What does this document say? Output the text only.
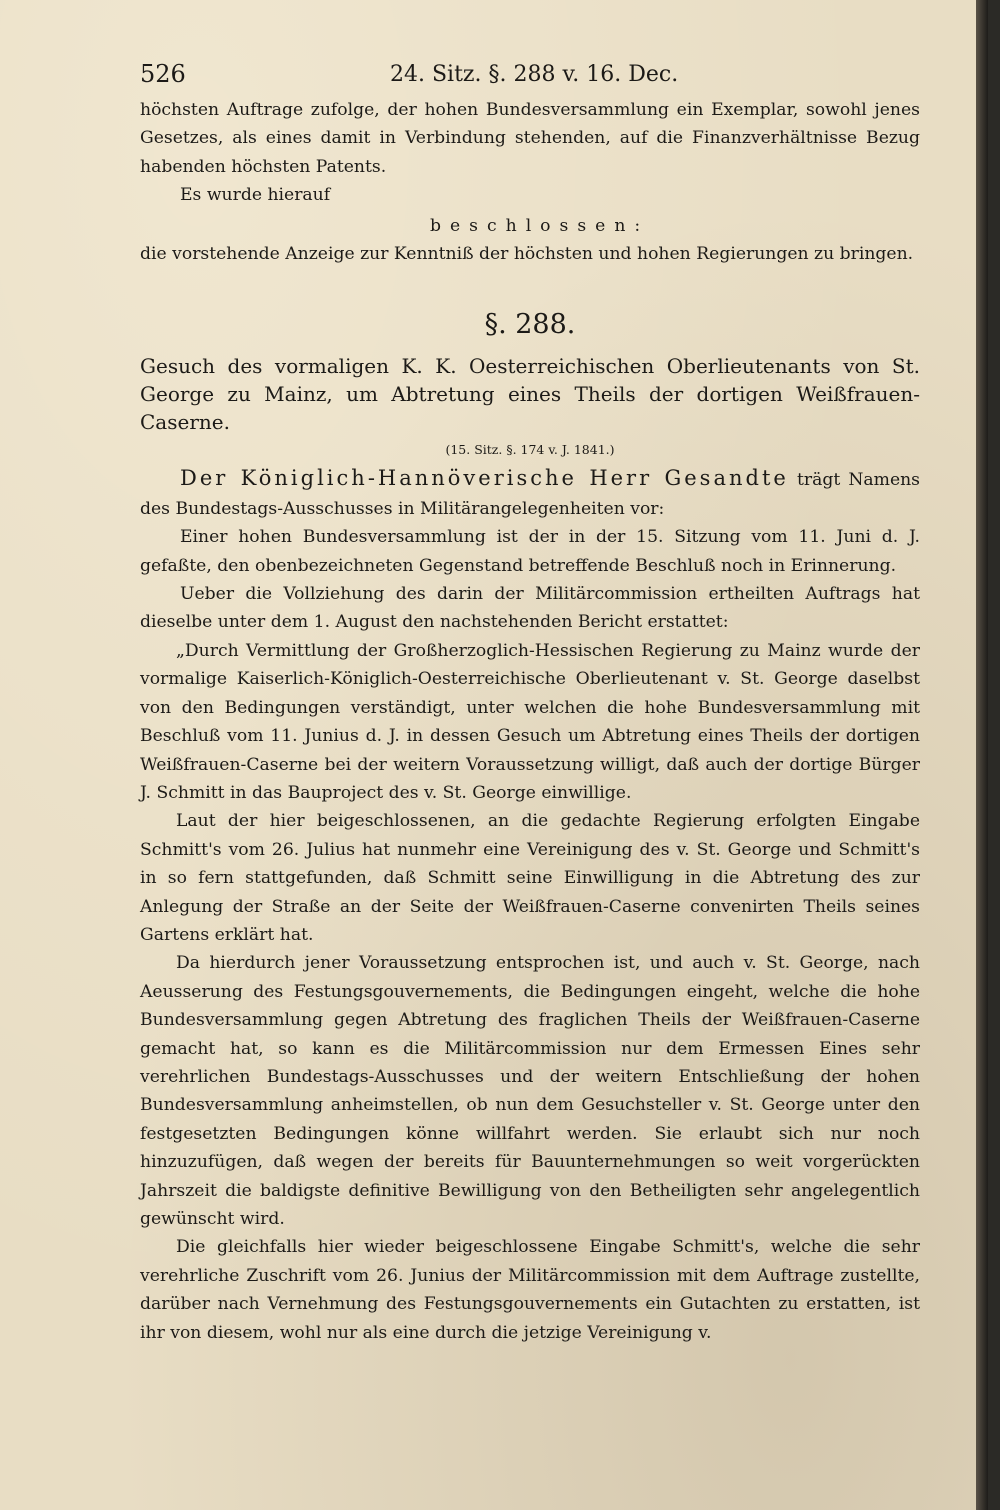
526	24. Sitz. §. 288 v. 16. Dec.

höchsten Auftrage zufolge, der hohen Bundesversammlung ein Exemplar, sowohl jenes Gesetzes, als eines damit in Verbindung stehenden, auf die Finanzverhältnisse Bezug habenden höchsten Patents.

Es wurde hierauf

beschlossen:

die vorstehende Anzeige zur Kenntniß der höchsten und hohen Regierungen zu bringen.

§. 288.

Gesuch des vormaligen K. K. Oesterreichischen Oberlieutenants von St. George zu Mainz, um Abtretung eines Theils der dortigen Weißfrauen-Caserne.

(15. Sitz. §. 174 v. J. 1841.)

Der Königlich-Hannöverische Herr Gesandte trägt Namens des Bundestags-Ausschusses in Militärangelegenheiten vor:

Einer hohen Bundesversammlung ist der in der 15. Sitzung vom 11. Juni d. J. gefaßte, den obenbezeichneten Gegenstand betreffende Beschluß noch in Erinnerung.

Ueber die Vollziehung des darin der Militärcommission ertheilten Auftrags hat dieselbe unter dem 1. August den nachstehenden Bericht erstattet:

„Durch Vermittlung der Großherzoglich-Hessischen Regierung zu Mainz wurde der vormalige Kaiserlich-Königlich-Oesterreichische Oberlieutenant v. St. George daselbst von den Bedingungen verständigt, unter welchen die hohe Bundesversammlung mit Beschluß vom 11. Junius d. J. in dessen Gesuch um Abtretung eines Theils der dortigen Weißfrauen-Caserne bei der weitern Voraussetzung willigt, daß auch der dortige Bürger J. Schmitt in das Bauproject des v. St. George einwillige.

Laut der hier beigeschlossenen, an die gedachte Regierung erfolgten Eingabe Schmitt's vom 26. Julius hat nunmehr eine Vereinigung des v. St. George und Schmitt's in so fern stattgefunden, daß Schmitt seine Einwilligung in die Abtretung des zur Anlegung der Straße an der Seite der Weißfrauen-Caserne convenirten Theils seines Gartens erklärt hat.

Da hierdurch jener Voraussetzung entsprochen ist, und auch v. St. George, nach Aeusserung des Festungsgouvernements, die Bedingungen eingeht, welche die hohe Bundesversammlung gegen Abtretung des fraglichen Theils der Weißfrauen-Caserne gemacht hat, so kann es die Militärcommission nur dem Ermessen Eines sehr verehrlichen Bundestags-Ausschusses und der weitern Entschließung der hohen Bundesversammlung anheimstellen, ob nun dem Gesuchsteller v. St. George unter den festgesetzten Bedingungen könne willfahrt werden. Sie erlaubt sich nur noch hinzuzufügen, daß wegen der bereits für Bauunternehmungen so weit vorgerückten Jahrszeit die baldigste definitive Bewilligung von den Betheiligten sehr angelegentlich gewünscht wird.

Die gleichfalls hier wieder beigeschlossene Eingabe Schmitt's, welche die sehr verehrliche Zuschrift vom 26. Junius der Militärcommission mit dem Auftrage zustellte, darüber nach Vernehmung des Festungsgouvernements ein Gutachten zu erstatten, ist ihr von diesem, wohl nur als eine durch die jetzige Vereinigung v.
